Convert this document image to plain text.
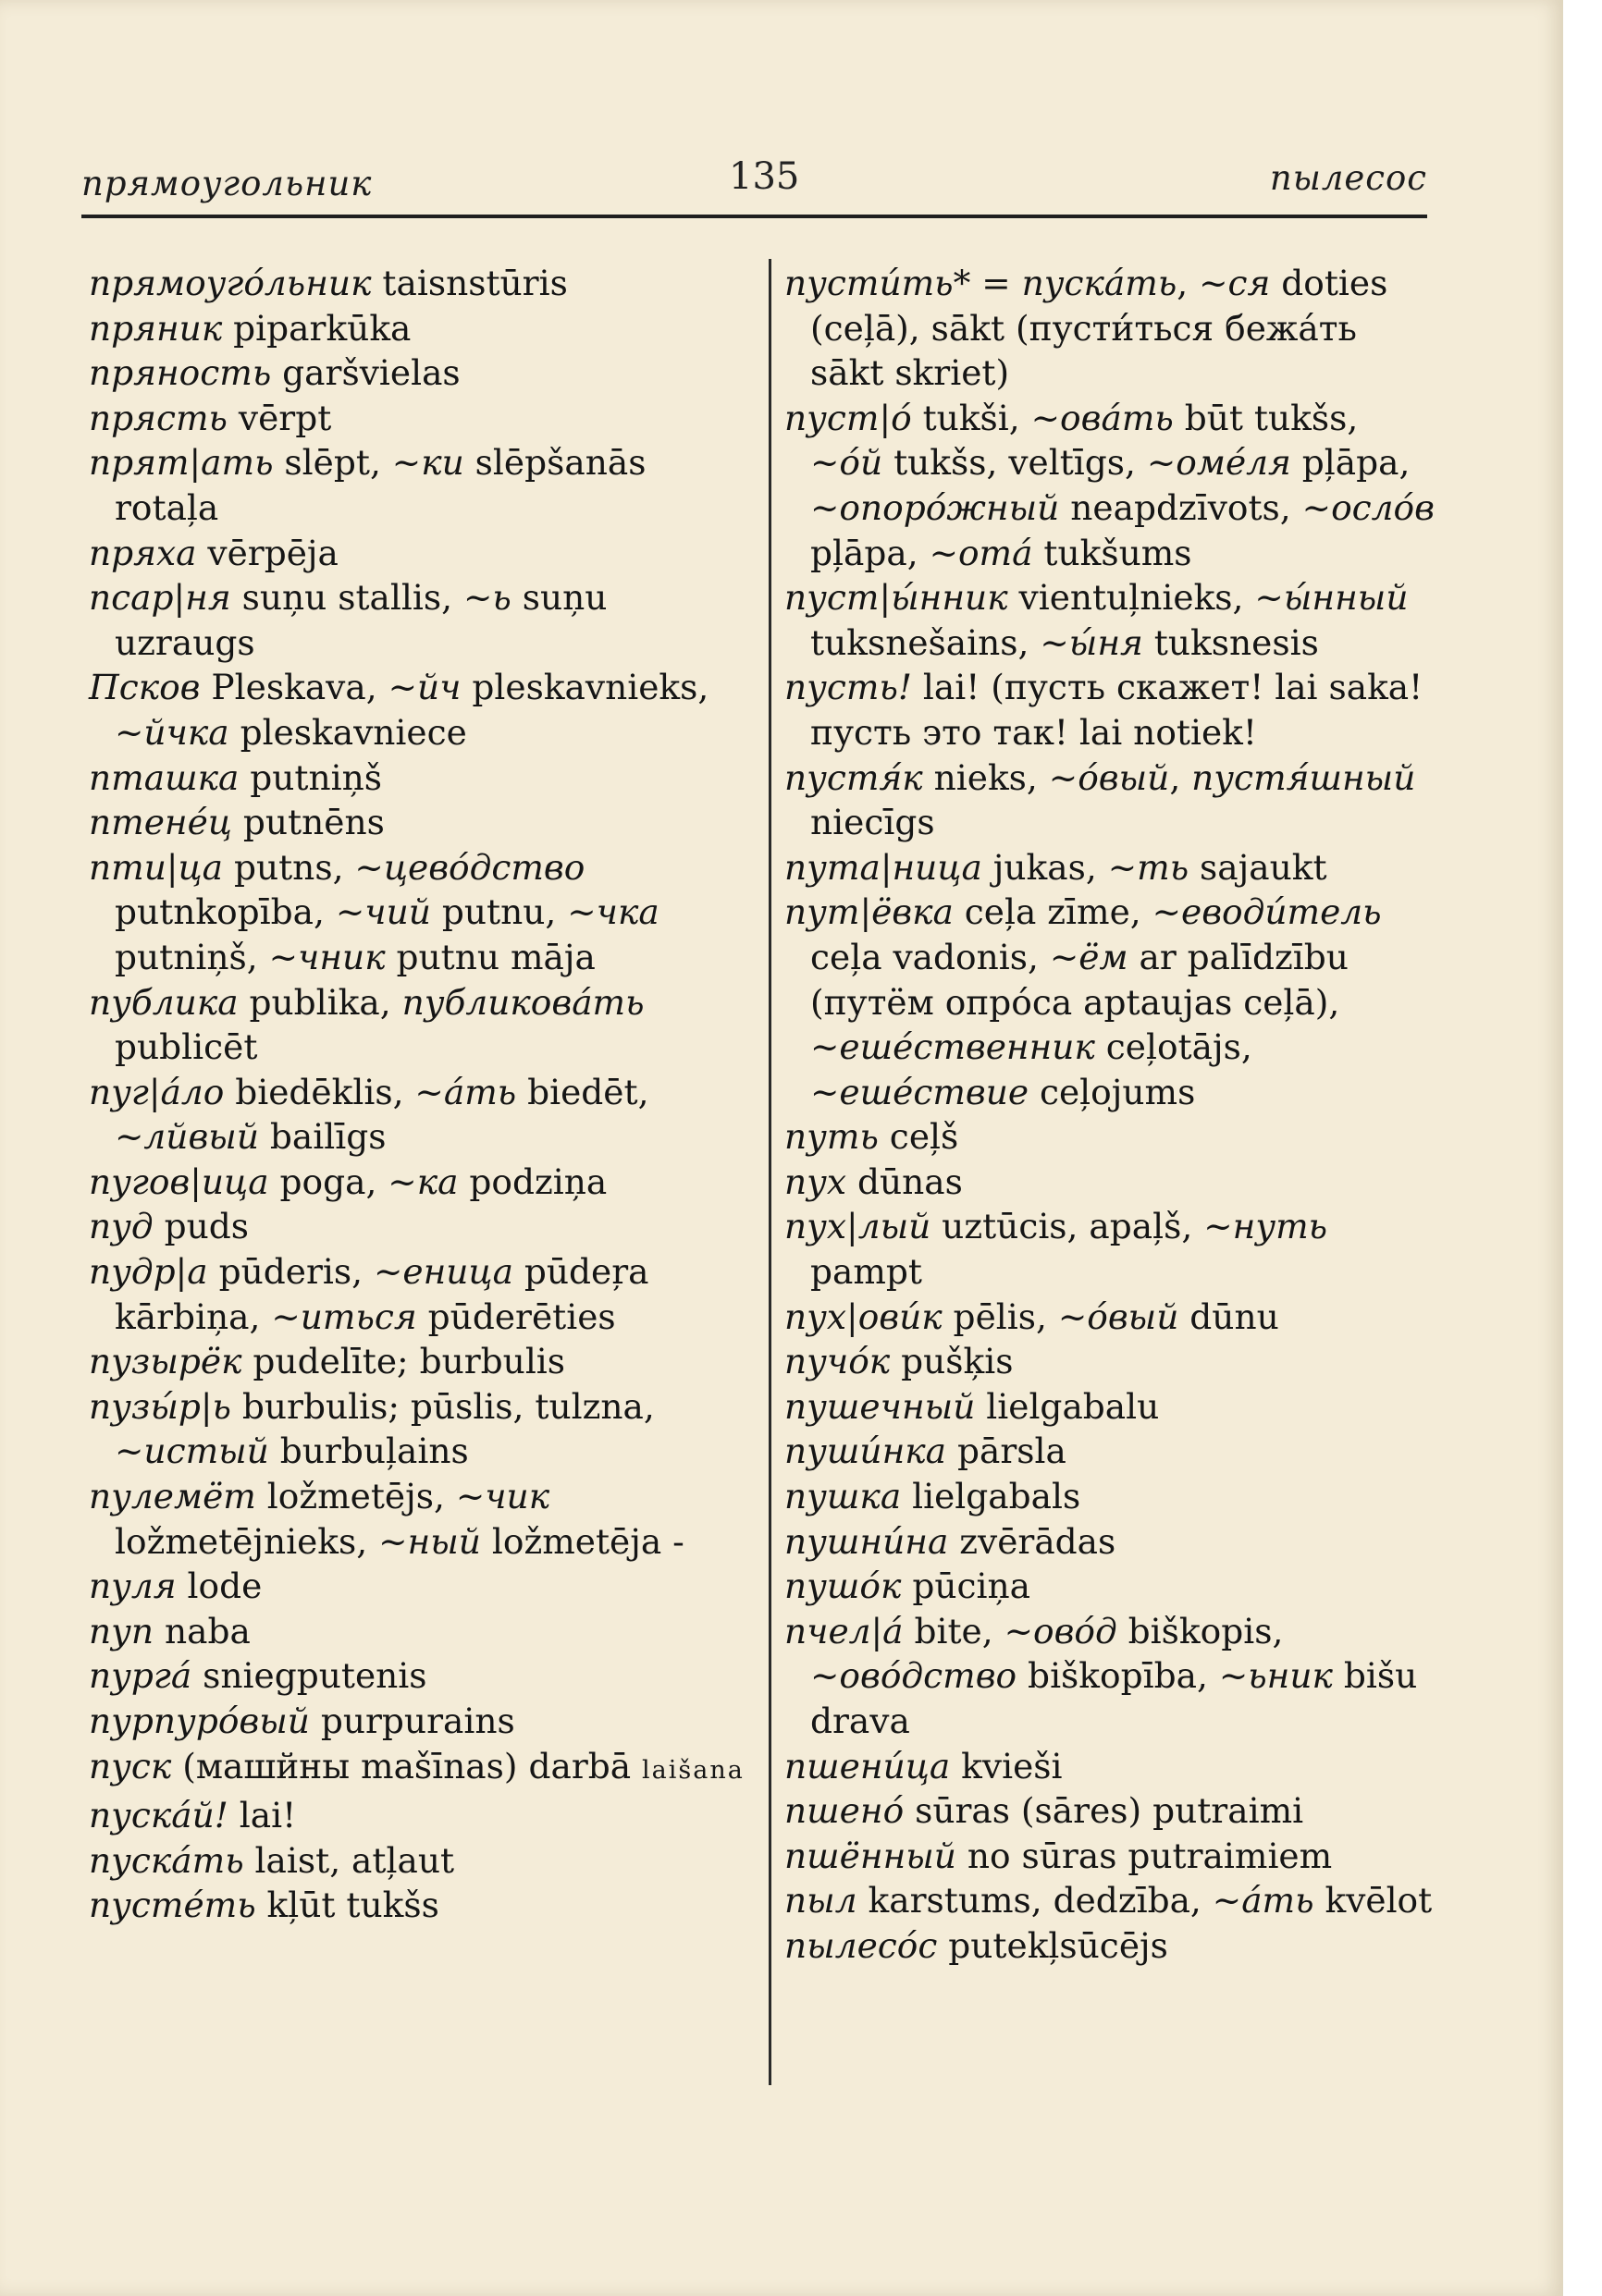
прямоугольник	135	пылесос

прямоугóльник taisnstūris

пряник piparkūka

пряность garšvielas

прясть vērpt

прят|ать slēpt, ~ки slēpšanās rotaļa

пряха vērpēja

псар|ня suņu stallis, ~ь suņu uzraugs

Псков Pleskava, ~йч pleskavnieks, ~йчка pleskavniece

пташка putniņš

птенéц putnēns

пти|ца putns, ~цевóдство putnkopība, ~чий putnu, ~чка putniņš, ~чник putnu māja

публика publika, публиковáть publicēt

пуг|áло biedēklis, ~áть biedēt, ~лйвый bailīgs

пугов|ица poga, ~ка podziņa

пуд puds

пудр|а pūderis, ~еница pūdeŗa kārbiņa, ~иться pūderēties

пузырёк pudelīte; burbulis

пузы́р|ь burbulis; pūslis, tulzna, ~истый burbuļains

пулемёт ložmetējs, ~чик ložmetējnieks, ~ный ložmetēja -

пуля lode

пуп naba

пургá sniegputenis

пурпурóвый purpurains

пуск (машйны mašīnas) darbā laišana

пускáй! lai!

пускáть laist, atļaut

пустéть kļūt tukšs

пусти́ть* = пускáть, ~ся doties (ceļā), sākt (пусти́ться бежáть sākt skriet)

пуст|ó tukši, ~овáть būt tukšs, ~óй tukšs, veltīgs, ~омéля pļāpa, ~опорóжный neapdzīvots, ~ослóв pļāpa, ~отá tukšums

пуст|ы́нник vientuļnieks, ~ы́нный tuksnešains, ~ы́ня tuksnesis

пусть! lai! (пусть скажет! lai saka! пусть это так! lai notiek!

пустя́к nieks, ~óвый, пустя́шный niecīgs

пута|ница jukas, ~ть sajaukt

пут|ёвка ceļa zīme, ~еводи́тель ceļa vadonis, ~ём ar palīdzību (путём опрóса aptaujas ceļā), ~ешéственник ceļotājs, ~ешéствие ceļojums

путь ceļš

пух dūnas

пух|лый uztūcis, apaļš, ~нуть pampt

пух|ови́к pēlis, ~óвый dūnu

пучóк pušķis

пушечный lielgabalu

пуши́нка pārsla

пушка lielgabals

пушни́на zvērādas

пушóк pūciņa

пчел|á bite, ~овóд biškopis, ~овóдство biškopība, ~ьник bišu drava

пшени́ца kvieši

пшенó sūras (sāres) putraimi

пшённый no sūras putraimiem

пыл karstums, dedzība, ~áть kvēlot

пылесóс putekļsūcējs
